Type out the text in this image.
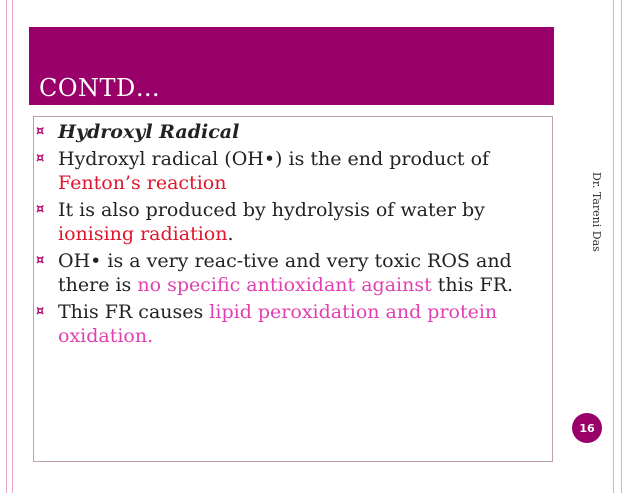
CONTD…
¤ Hydroxyl Radical
¤ Hydroxyl radical (OH•) is the end product of Fenton’s reaction
¤ It is also produced by hydrolysis of water by ionising radiation.
¤ OH• is a very reac-tive and very toxic ROS and there is no specific antioxidant against this FR.
¤ This FR causes lipid peroxidation and protein oxidation.
Dr. Tareni Das
16
